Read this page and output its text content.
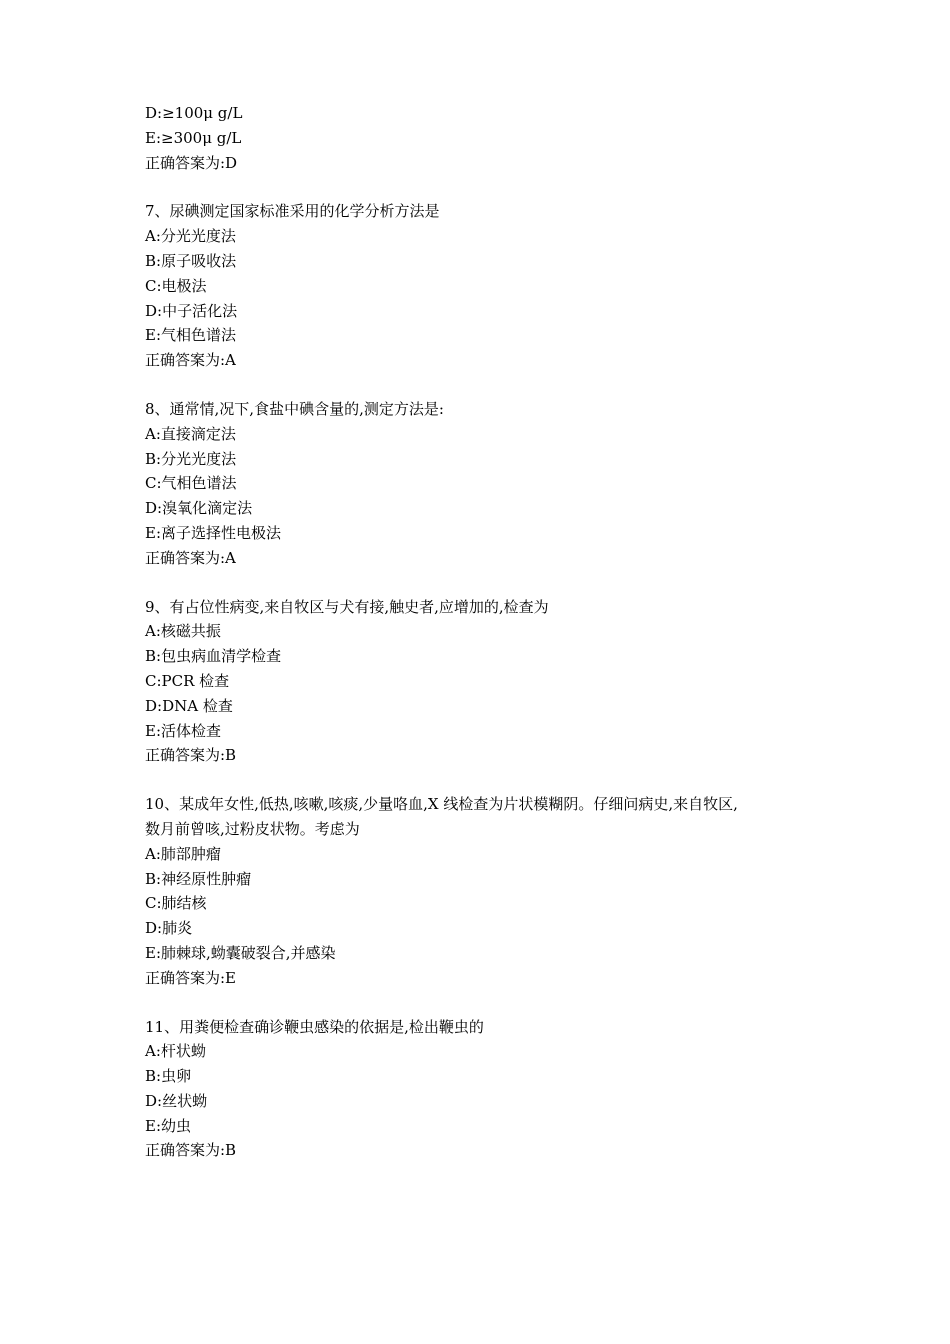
D:≥100μ g/L
E:≥300μ g/L
正确答案为:D
7、尿碘测定国家标准采用的化学分析方法是
A:分光光度法
B:原子吸收法
C:电极法
D:中子活化法
E:气相色谱法
正确答案为:A
8、通常情,况下,食盐中碘含量的,测定方法是:
A:直接滴定法
B:分光光度法
C:气相色谱法
D:溴氧化滴定法
E:离子选择性电极法
正确答案为:A
9、有占位性病变,来自牧区与犬有接,触史者,应增加的,检查为
A:核磁共振
B:包虫病血清学检查
C:PCR 检查
D:DNA 检查
E:活体检查
正确答案为:B
10、某成年女性,低热,咳嗽,咳痰,少量咯血,X 线检查为片状模糊阴。仔细问病史,来自牧区,
数月前曾咳,过粉皮状物。考虑为
A:肺部肿瘤
B:神经原性肿瘤
C:肺结核
D:肺炎
E:肺棘球,蚴囊破裂合,并感染
正确答案为:E
11、用粪便检查确诊鞭虫感染的依据是,检出鞭虫的
A:杆状蚴
B:虫卵
D:丝状蚴
E:幼虫
正确答案为:B
